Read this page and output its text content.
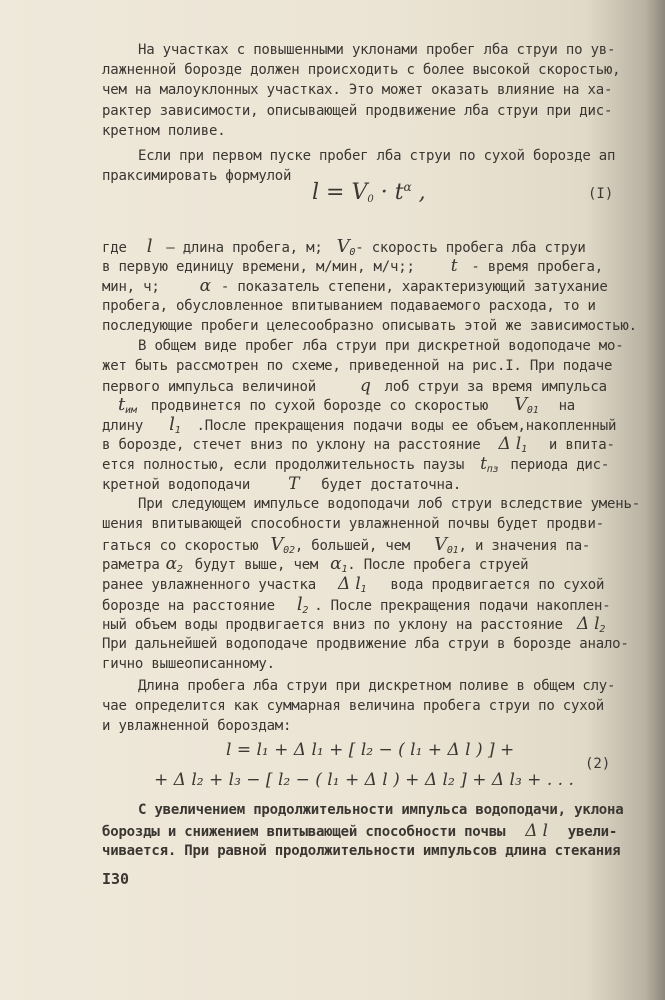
На участках с повышенными уклонами пробег лба струи по ув-
лажненной борозде должен происходить с более высокой скоростью,
чем на малоуклонных участках. Это может оказать влияние на ха-
рактер зависимости, описывающей продвижение лба струи при дис-
кретном поливе.
Если при первом пуске пробег лба струи по сухой борозде ап
праксимировать формулой
$l = V_0 \cdot t^\alpha$ ,	(I)
где l – длина пробега, м; $V_0-$ скорость пробега лба струи
в первую единицу времени, м/мин, м/ч;; t - время пробега,
мин, ч; α - показатель степени, характеризующий затухание
пробега, обусловленное впитыванием подаваемого расхода, то и
последующие пробеги целесообразно описывать этой же зависимостью.
В общем виде пробег лба струи при дискретной водоподаче мо-
жет быть рассмотрен по схеме, приведенной на рис.I. При подаче
первого импульса величиной	q лоб струи за время импульса
$t_{им}$ продвинется по сухой борозде со скоростью $V_{01}$ на
длину $l_1$ .После прекращения подачи воды ее объем,накопленный
в борозде, стечет вниз по уклону на расстояние Δ $l_1$ и впита-
ется полностью, если продолжительность паузы $t_{пз}$ периода дис-
кретной водоподачи T будет достаточна.
При следующем импульсе водоподачи лоб струи вследствие умень-
шения впитывающей способности увлажненной почвы будет продви-
гаться со скоростью $V_{02}$, большей, чем $V_{01}$, и значения па-
раметра $\alpha_2$ будут выше, чем $\alpha_1$. После пробега струей
ранее увлажненного участка Δ $l_1$ вода продвигается по сухой
борозде на расстояние $l_2$ . После прекращения подачи накоплен-
ный объем воды продвигается вниз по уклону на расстояние Δ $l_2$
При дальнейшей водоподаче продвижение лба струи в борозде анало-
гично вышеописанному.
Длина пробега лба струи при дискретном поливе в общем слу-
чае определится как суммарная величина пробега струи по сухой
и увлажненной бороздам:
l = l₁ + Δ l₁ + [ l₂ − ( l₁ + Δ l ) ] +
(2)
+ Δ l₂ + l₃ − [ l₂ − ( l₁ + Δ l ) + Δ l₂ ] + Δ l₃ + . . .
С увеличением продолжительности импульса водоподачи, уклона
борозды и снижением впитывающей способности почвы Δ l увели-
чивается. При равной продолжительности импульсов длина стекания
I30
